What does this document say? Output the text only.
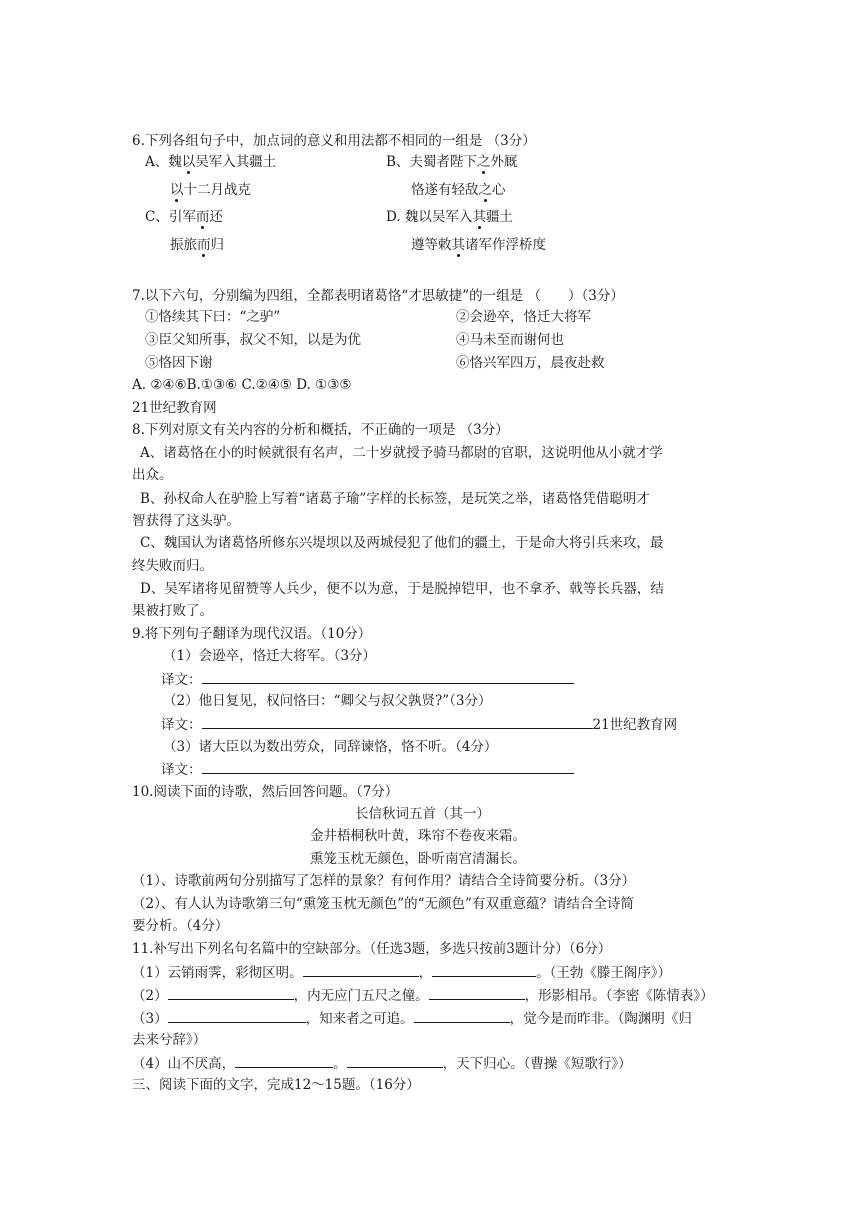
6.下列各组句子中，加点词的意义和用法都不相同的一组是 （3分）
A、魏以吴军入其疆土	B、夫蜀者陛下之外厩
以十二月战克	恪遂有轻敌之心
C、引军而还	D. 魏以吴军入其疆土
振旅而归	遵等敕其诸军作浮桥度
7.以下六句，分别编为四组，全都表明诸葛恪“才思敏捷”的一组是 （　　）（3分）
①恪续其下曰：“之驴”	②会逊卒，恪迁大将军
③臣父知所事，叔父不知，以是为优	④马未至而谢何也
⑤恪因下谢	⑥恪兴军四万，晨夜赴救
A. ②④⑥B.①③⑥ C.②④⑤ D. ①③⑤
21世纪教育网
8.下列对原文有关内容的分析和概括，不正确的一项是 （3分）
A、诸葛恪在小的时候就很有名声，二十岁就授予骑马都尉的官职，这说明他从小就才学
出众。
B、孙权命人在驴脸上写着“诸葛子瑜”字样的长标签，是玩笑之举，诸葛恪凭借聪明才
智获得了这头驴。
C、魏国认为诸葛恪所修东兴堤坝以及两城侵犯了他们的疆土，于是命大将引兵来攻，最
终失败而归。
D、吴军诸将见留赞等人兵少，便不以为意，于是脱掉铠甲，也不拿矛、戟等长兵器，结
果被打败了。
9.将下列句子翻译为现代汉语。（10分）
（1）会逊卒，恪迁大将军。（3分）
译文：
（2）他日复见，权问恪曰：“卿父与叔父孰贤?”（3分）
译文：	21世纪教育网
（3）诸大臣以为数出劳众，同辞谏恪，恪不听。（4分）
译文：
10.阅读下面的诗歌，然后回答问题。（7分）
长信秋词五首（其一）
金井梧桐秋叶黄，珠帘不卷夜来霜。
熏笼玉枕无颜色，卧听南宫清漏长。
（1）、诗歌前两句分别描写了怎样的景象？有何作用？请结合全诗简要分析。（3分）
（2）、有人认为诗歌第三句“熏笼玉枕无颜色”的“无颜色”有双重意蕴？请结合全诗简
要分析。（4分）
11.补写出下列名句名篇中的空缺部分。（任选3题，多选只按前3题计分）（6分）
（1）云销雨霁，彩彻区明。	，	。（王勃《滕王阁序》）
（2）	，内无应门五尺之僮。	，形影相吊。（李密《陈情表》）
（3）	，知来者之可追。	，觉今是而昨非。（陶渊明《归
去来兮辞》）
（4）山不厌高，	。	，天下归心。（曹操《短歌行》）
三、阅读下面的文字，完成12～15题。（16分）
